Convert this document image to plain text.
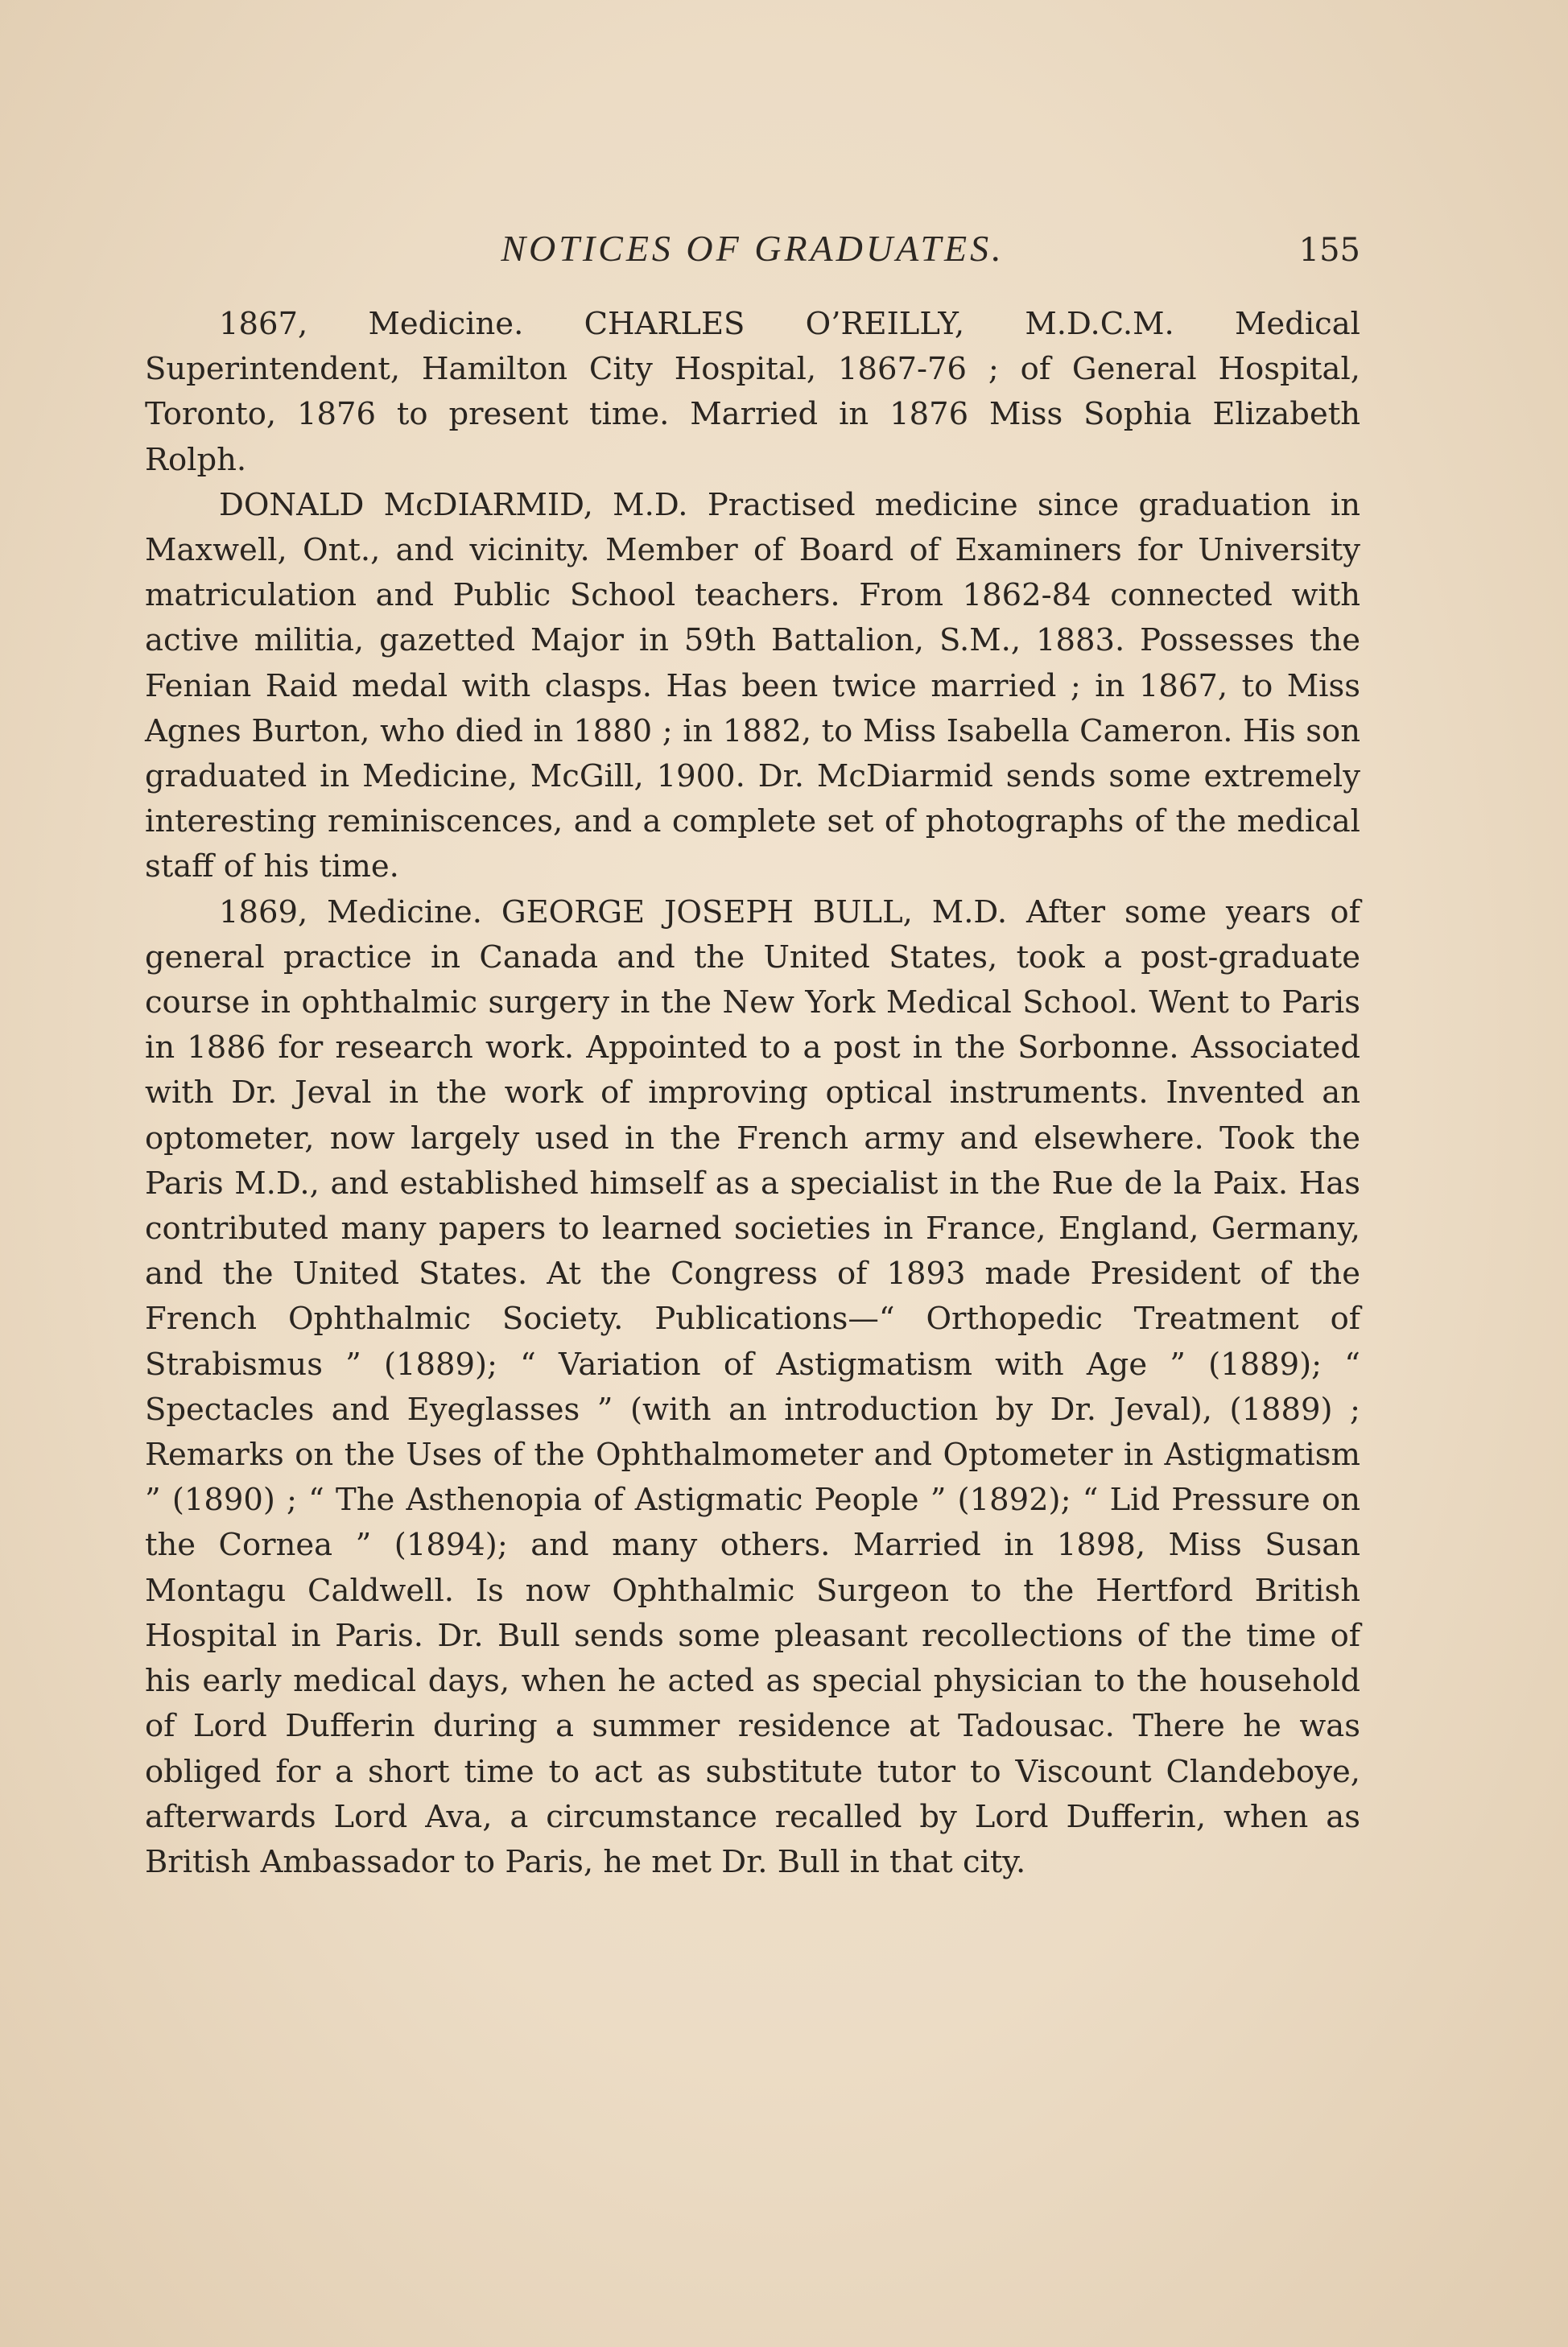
NOTICES OF GRADUATES.	155

1867, Medicine. CHARLES O’REILLY, M.D.C.M. Medical Superintendent, Hamilton City Hospital, 1867-76 ; of General Hospital, Toronto, 1876 to present time. Married in 1876 Miss Sophia Elizabeth Rolph.

DONALD McDIARMID, M.D. Practised medicine since graduation in Maxwell, Ont., and vicinity. Member of Board of Examiners for University matriculation and Public School teachers. From 1862-84 connected with active militia, gazetted Major in 59th Battalion, S.M., 1883. Possesses the Fenian Raid medal with clasps. Has been twice married ; in 1867, to Miss Agnes Burton, who died in 1880 ; in 1882, to Miss Isabella Cameron. His son graduated in Medicine, McGill, 1900. Dr. McDiarmid sends some extremely interesting reminiscences, and a complete set of photographs of the medical staff of his time.

1869, Medicine. GEORGE JOSEPH BULL, M.D. After some years of general practice in Canada and the United States, took a post-graduate course in ophthalmic surgery in the New York Medical School. Went to Paris in 1886 for research work. Appointed to a post in the Sorbonne. Associated with Dr. Jeval in the work of improving optical instruments. Invented an optometer, now largely used in the French army and elsewhere. Took the Paris M.D., and established himself as a specialist in the Rue de la Paix. Has contributed many papers to learned societies in France, England, Germany, and the United States. At the Congress of 1893 made President of the French Ophthalmic Society. Publications—“ Orthopedic Treatment of Strabismus ” (1889); “ Variation of Astigmatism with Age ” (1889); “ Spectacles and Eyeglasses ” (with an introduction by Dr. Jeval), (1889) ; Remarks on the Uses of the Ophthalmometer and Optometer in Astigmatism ” (1890) ; “ The Asthenopia of Astigmatic People ” (1892); “ Lid Pressure on the Cornea ” (1894); and many others. Married in 1898, Miss Susan Montagu Caldwell. Is now Ophthalmic Surgeon to the Hertford British Hospital in Paris. Dr. Bull sends some pleasant recollections of the time of his early medical days, when he acted as special physician to the household of Lord Dufferin during a summer residence at Tadousac. There he was obliged for a short time to act as substitute tutor to Viscount Clandeboye, afterwards Lord Ava, a circumstance recalled by Lord Dufferin, when as British Ambassador to Paris, he met Dr. Bull in that city.
